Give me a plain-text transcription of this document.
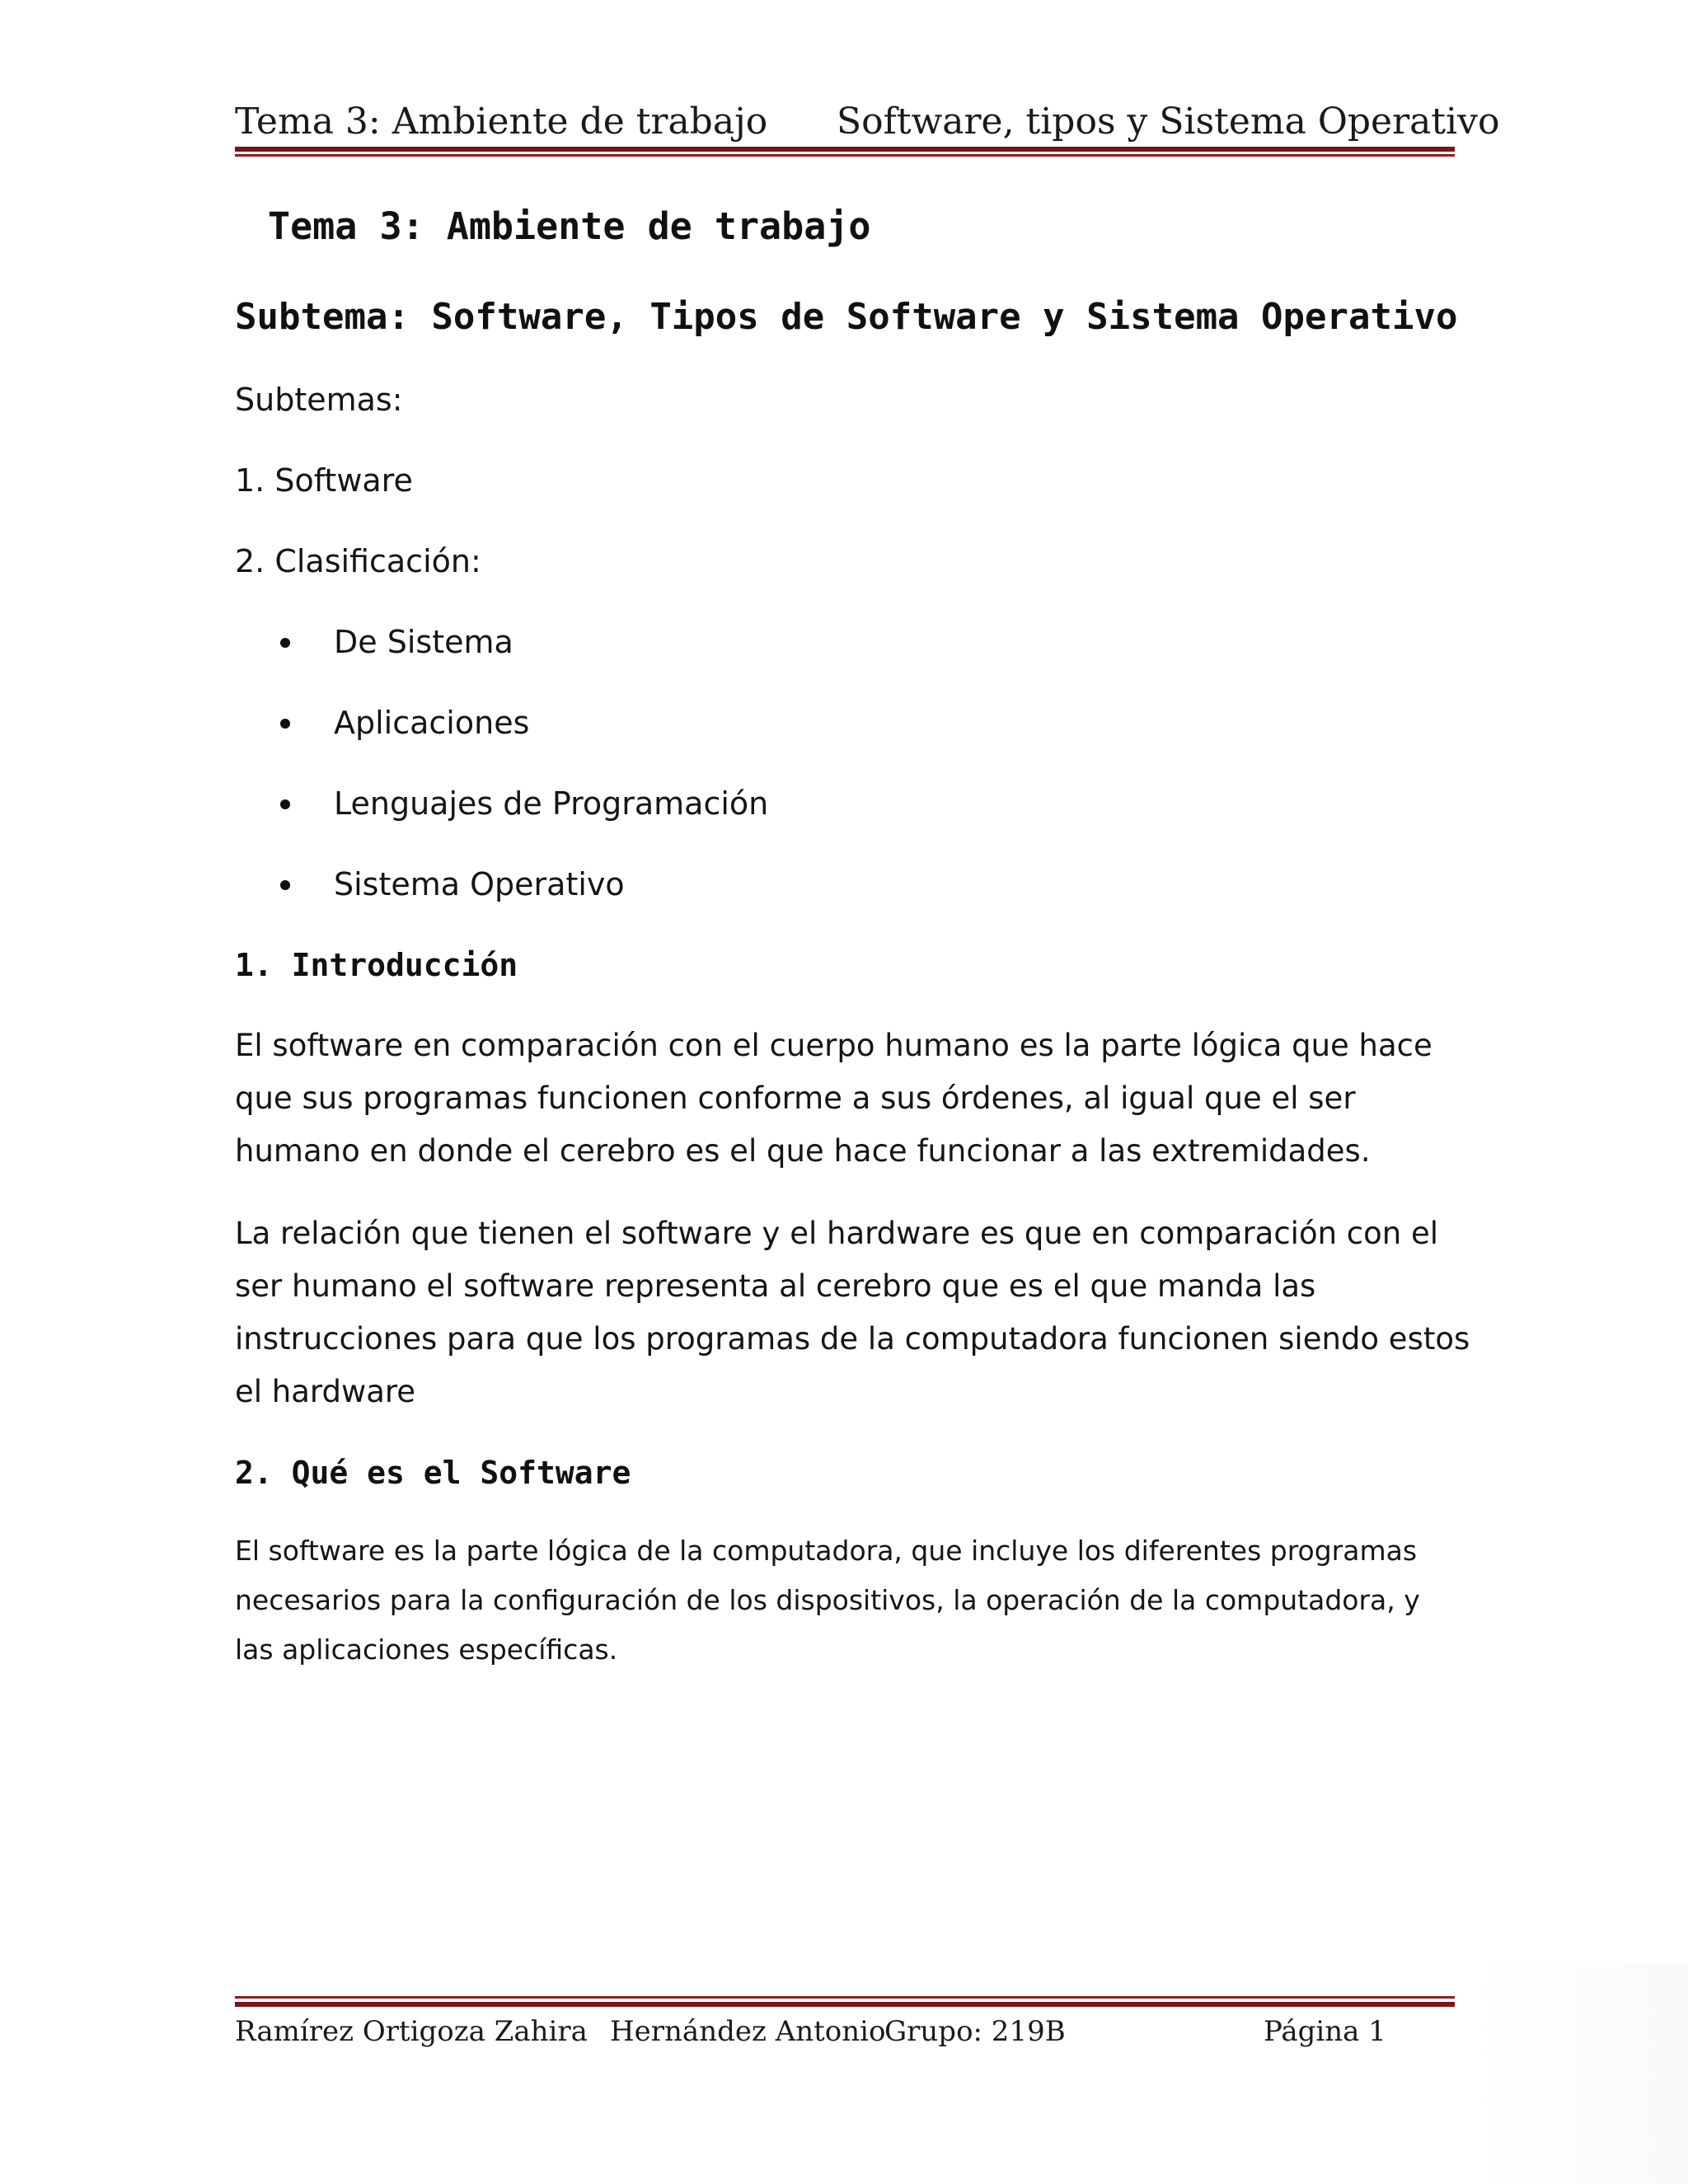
Tema 3: Ambiente de trabajo Software, tipos y Sistema Operativo
Tema 3: Ambiente de trabajo
Subtema: Software, Tipos de Software y Sistema Operativo
Subtemas:
1. Software
2. Clasificación:
De Sistema
Aplicaciones
Lenguajes de Programación
Sistema Operativo
1. Introducción
El software en comparación con el cuerpo humano es la parte lógica que hace
que sus programas funcionen conforme a sus órdenes, al igual que el ser
humano en donde el cerebro es el que hace funcionar a las extremidades.
La relación que tienen el software y el hardware es que en comparación con el
ser humano el software representa al cerebro que es el que manda las
instrucciones para que los programas de la computadora funcionen siendo estos
el hardware
2. Qué es el Software
El software es la parte lógica de la computadora, que incluye los diferentes programas
necesarios para la configuración de los dispositivos, la operación de la computadora, y
las aplicaciones específicas.
Ramírez Ortigoza Zahira Hernández Antonio
Grupo: 219B	Página 1
